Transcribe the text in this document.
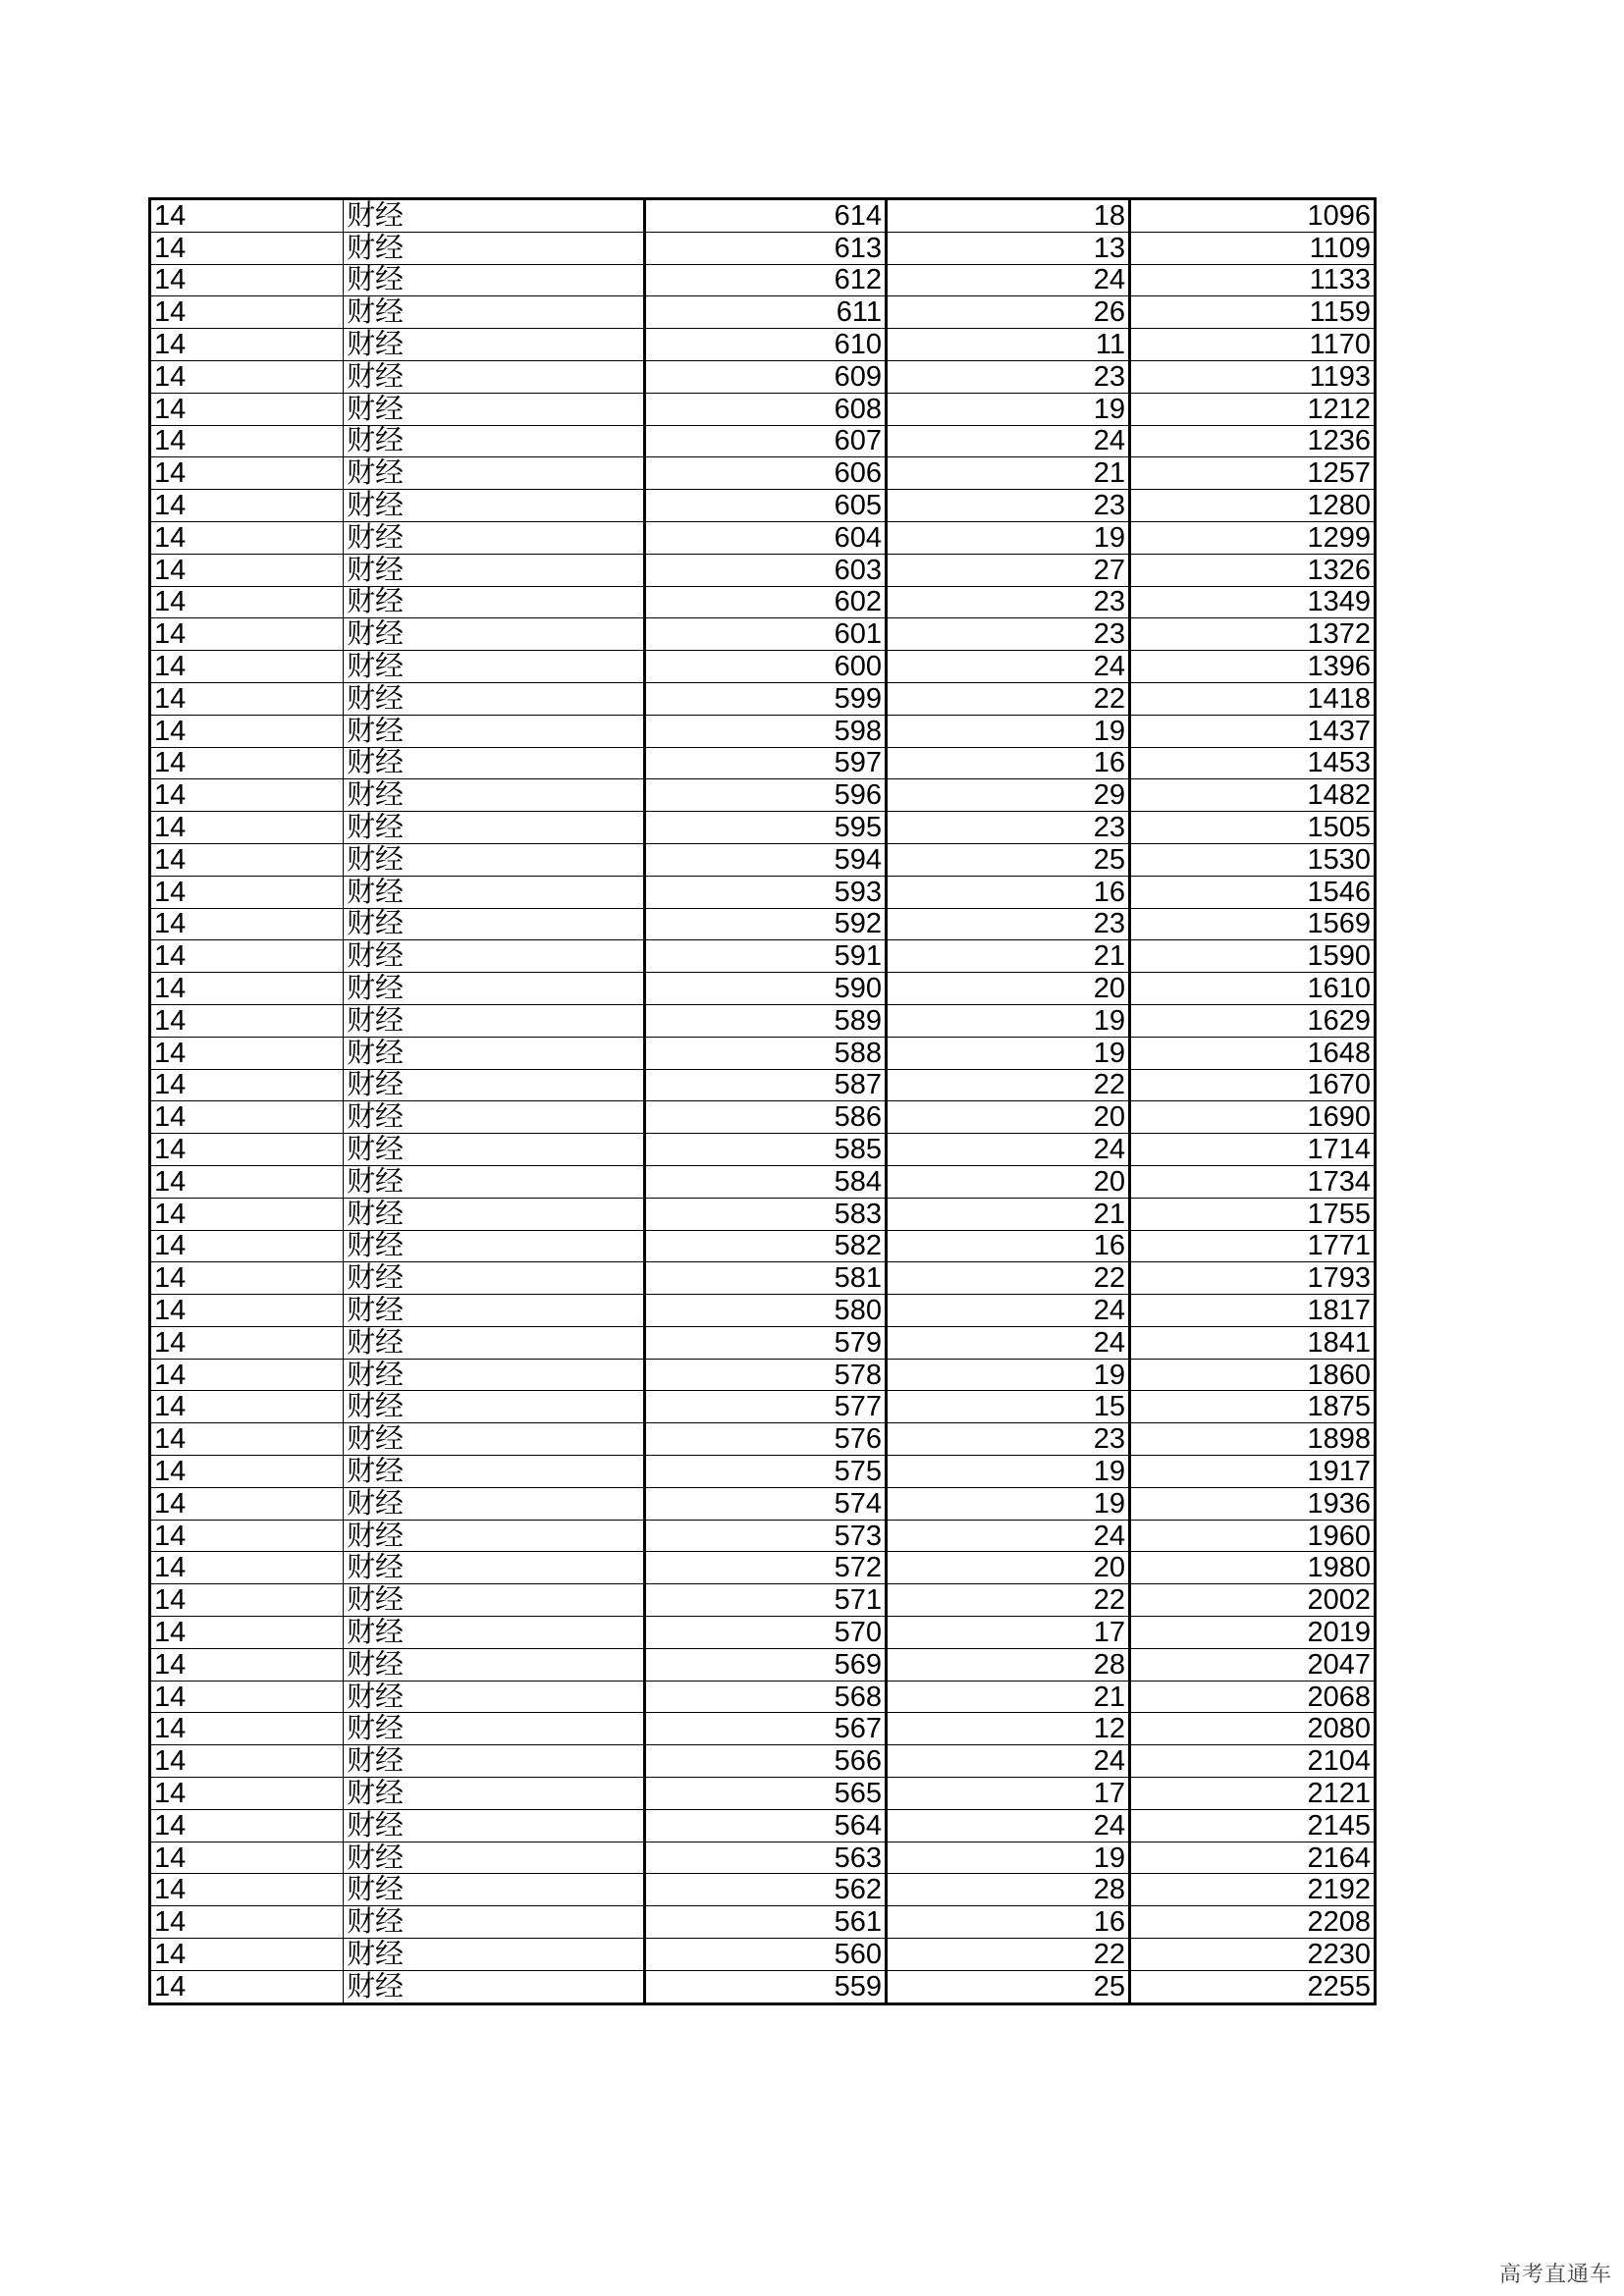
14	财经	614	18	1096
14	财经	613	13	1109
14	财经	612	24	1133
14	财经	611	26	1159
14	财经	610	11	1170
14	财经	609	23	1193
14	财经	608	19	1212
14	财经	607	24	1236
14	财经	606	21	1257
14	财经	605	23	1280
14	财经	604	19	1299
14	财经	603	27	1326
14	财经	602	23	1349
14	财经	601	23	1372
14	财经	600	24	1396
14	财经	599	22	1418
14	财经	598	19	1437
14	财经	597	16	1453
14	财经	596	29	1482
14	财经	595	23	1505
14	财经	594	25	1530
14	财经	593	16	1546
14	财经	592	23	1569
14	财经	591	21	1590
14	财经	590	20	1610
14	财经	589	19	1629
14	财经	588	19	1648
14	财经	587	22	1670
14	财经	586	20	1690
14	财经	585	24	1714
14	财经	584	20	1734
14	财经	583	21	1755
14	财经	582	16	1771
14	财经	581	22	1793
14	财经	580	24	1817
14	财经	579	24	1841
14	财经	578	19	1860
14	财经	577	15	1875
14	财经	576	23	1898
14	财经	575	19	1917
14	财经	574	19	1936
14	财经	573	24	1960
14	财经	572	20	1980
14	财经	571	22	2002
14	财经	570	17	2019
14	财经	569	28	2047
14	财经	568	21	2068
14	财经	567	12	2080
14	财经	566	24	2104
14	财经	565	17	2121
14	财经	564	24	2145
14	财经	563	19	2164
14	财经	562	28	2192
14	财经	561	16	2208
14	财经	560	22	2230
14	财经	559	25	2255
高考直通车
